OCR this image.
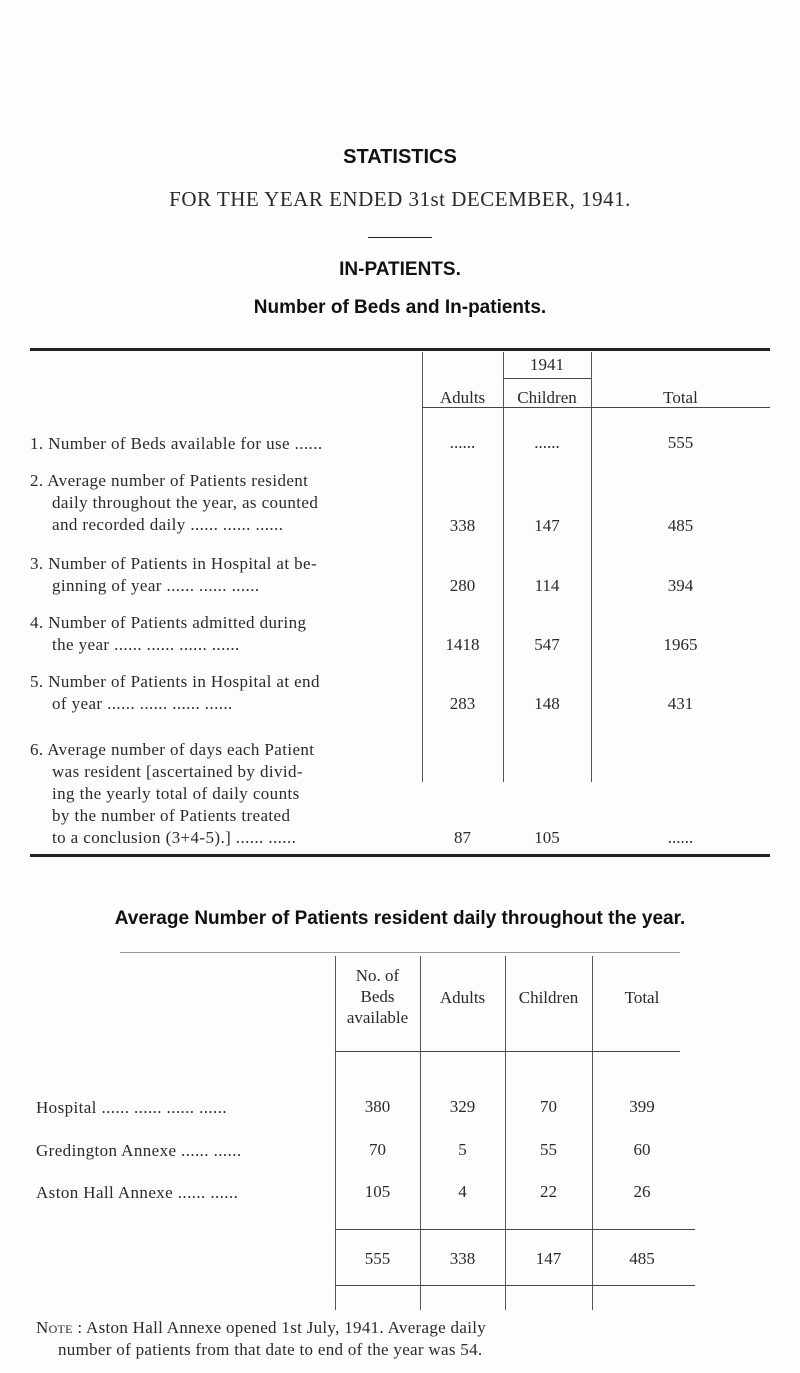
STATISTICS
FOR THE YEAR ENDED 31st DECEMBER, 1941.
IN-PATIENTS.
Number of Beds and In-patients.
1941
Adults	Children	Total
1. Number of Beds available for use ......	......	......	555
2. Average number of Patients resident
daily throughout the year, as counted
and recorded daily ...... ...... ......	338	147	485
3. Number of Patients in Hospital at be-
ginning of year ...... ...... ......	280	114	394
4. Number of Patients admitted during
the year ...... ...... ...... ......	1418	547	1965
5. Number of Patients in Hospital at end
of year ...... ...... ...... ......	283	148	431
6. Average number of days each Patient
was resident [ascertained by divid-
ing the yearly total of daily counts
by the number of Patients treated
to a conclusion (3+4-5).] ...... ......	87	105	......
Average Number of Patients resident daily throughout the year.
No. of
Beds
available
Adults	Children	Total
Hospital ...... ...... ...... ......	380	329	70	399
Gredington Annexe ...... ......	70	5	55	60
Aston Hall Annexe ...... ......	105	4	22	26
555	338	147	485
Note : Aston Hall Annexe opened 1st July, 1941. Average daily
number of patients from that date to end of the year was 54.
